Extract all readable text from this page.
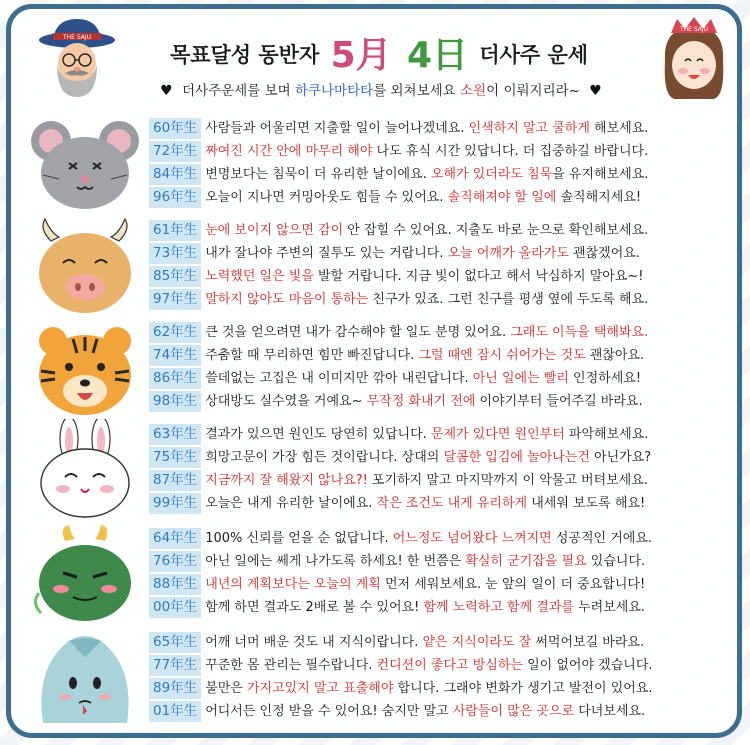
THE SAJU
목표달성 동반자 5月 4日 더사주 운세
♥ 더사주운세를 보며 하쿠나마타타를 외쳐보세요 소원이 이뤄지리라~ ♥
THE SAJU
60年生 사람들과 어울리면 지출할 일이 늘어나겠네요. 인색하지 말고 쿨하게 해보세요.
72年生 짜여진 시간 안에 마무리 해야 나도 휴식 시간 있답니다. 더 집중하길 바랍니다.
84年生 변명보다는 침묵이 더 유리한 날이에요. 오해가 있더라도 침묵을 유지해보세요.
96年生 오늘이 지나면 커밍아웃도 힘들 수 있어요. 솔직해져야 할 일에 솔직해지세요!
61年生 눈에 보이지 않으면 감이 안 잡힐 수 있어요. 지출도 바로 눈으로 확인해보세요.
73年生 내가 잘나야 주변의 질투도 있는 거랍니다. 오늘 어깨가 올라가도 괜찮겠어요.
85年生 노력했던 일은 빛을 발할 거랍니다. 지금 빛이 없다고 해서 낙심하지 말아요~!
97年生 말하지 않아도 마음이 통하는 친구가 있죠. 그런 친구를 평생 옆에 두도록 해요.
62年生 큰 것을 얻으려면 내가 감수해야 할 일도 분명 있어요. 그래도 이득을 택해봐요.
74年生 주춤할 때 무리하면 힘만 빠진답니다. 그럴 때엔 잠시 쉬어가는 것도 괜찮아요.
86年生 쓸데없는 고집은 내 이미지만 깎아 내린답니다. 아닌 일에는 빨리 인정하세요!
98年生 상대방도 실수였을 거예요~ 무작정 화내기 전에 이야기부터 들어주길 바라요.
63年生 결과가 있으면 원인도 당연히 있답니다. 문제가 있다면 원인부터 파악해보세요.
75年生 희망고문이 가장 힘든 것이랍니다. 상대의 달콤한 입김에 놀아나는건 아닌가요?
87年生 지금까지 잘 해왔지 않나요?! 포기하지 말고 마지막까지 이 악물고 버텨보세요.
99年生 오늘은 내게 유리한 날이에요. 작은 조건도 내게 유리하게 내세워 보도록 해요!
64年生 100% 신뢰를 얻을 순 없답니다. 어느정도 넘어왔다 느껴지면 성공적인 거에요.
76年生 아닌 일에는 쎄게 나가도록 하세요! 한 번쯤은 확실히 군기잡을 필요 있습니다.
88年生 내년의 계획보다는 오늘의 계획 먼저 세워보세요. 눈 앞의 일이 더 중요합니다!
00年生 함께 하면 결과도 2배로 볼 수 있어요! 함께 노력하고 함께 결과를 누려보세요.
65年生 어깨 너머 배운 것도 내 지식이랍니다. 얕은 지식이라도 잘 써먹어보길 바라요.
77年生 꾸준한 몸 관리는 필수랍니다. 컨디션이 좋다고 방심하는 일이 없어야 겠습니다.
89年生 불만은 가지고있지 말고 표출해야 합니다. 그래야 변화가 생기고 발전이 있어요.
01年生 어디서든 인정 받을 수 있어요! 숨지만 말고 사람들이 많은 곳으로 다녀보세요.
